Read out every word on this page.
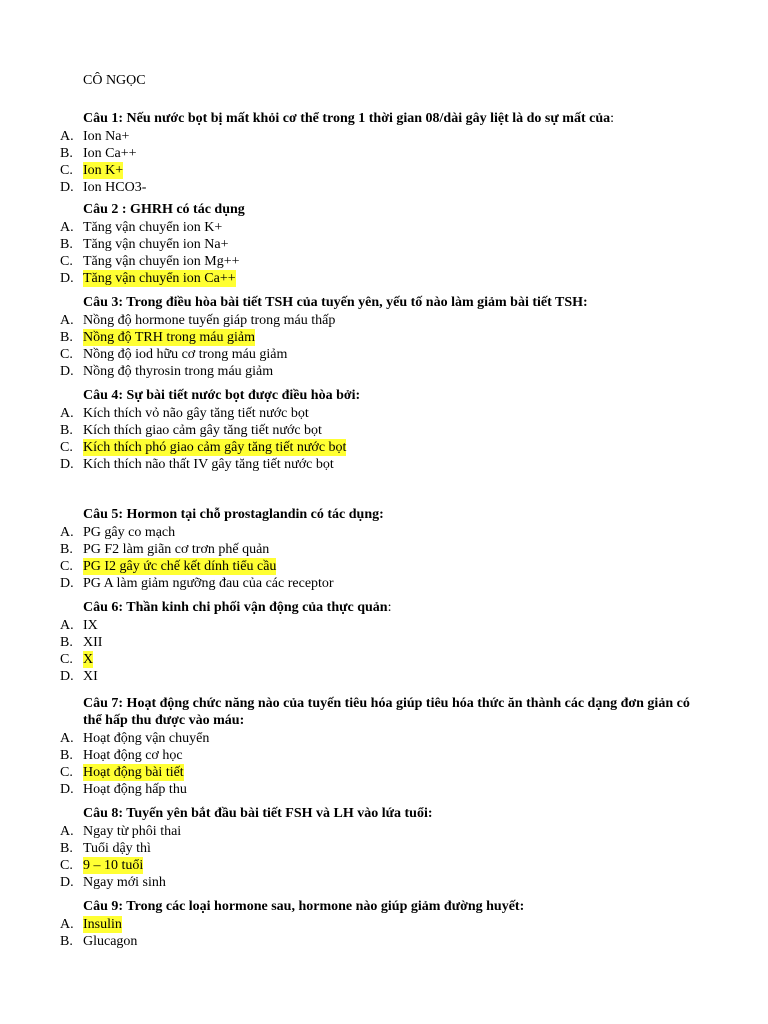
CÔ NGỌC
Câu 1: Nếu nước bọt bị mất khỏi cơ thể trong 1 thời gian 08/dài gây liệt là do sự mất của:
A. Ion Na+
B. Ion Ca++
C. Ion K+
D. Ion HCO3-
Câu 2 : GHRH có tác dụng
A. Tăng vận chuyển ion K+
B. Tăng vận chuyển ion Na+
C. Tăng vận chuyển ion Mg++
D. Tăng vận chuyển ion Ca++
Câu 3: Trong điều hòa bài tiết TSH của tuyến yên, yếu tố nào làm giảm bài tiết TSH:
A. Nồng độ hormone tuyến giáp trong máu thấp
B. Nồng độ TRH trong máu giảm
C. Nồng độ iod hữu cơ trong máu giảm
D. Nồng độ thyrosin trong máu giảm
Câu 4: Sự bài tiết nước bọt được điều hòa bởi:
A. Kích thích vỏ não gây tăng tiết nước bọt
B. Kích thích giao cảm gây tăng tiết nước bọt
C. Kích thích phó giao cảm gây tăng tiết nước bọt
D. Kích thích não thất IV gây tăng tiết nước bọt
Câu 5: Hormon tại chỗ prostaglandin có tác dụng:
A. PG gây co mạch
B. PG F2 làm giãn cơ trơn phế quản
C. PG I2 gây ức chế kết dính tiểu cầu
D. PG A làm giảm ngưỡng đau của các receptor
Câu 6: Thần kinh chi phối vận động của thực quản:
A. IX
B. XII
C. X
D. XI
Câu 7: Hoạt động chức năng nào của tuyến tiêu hóa giúp tiêu hóa thức ăn thành các dạng đơn giản có thể hấp thu được vào máu:
A. Hoạt động vận chuyển
B. Hoạt động cơ học
C. Hoạt động bài tiết
D. Hoạt động hấp thu
Câu 8: Tuyến yên bắt đầu bài tiết FSH và LH vào lứa tuổi:
A. Ngay từ phôi thai
B. Tuổi dậy thì
C. 9 – 10 tuổi
D. Ngay mới sinh
Câu 9: Trong các loại hormone sau, hormone nào giúp giảm đường huyết:
A. Insulin
B. Glucagon
